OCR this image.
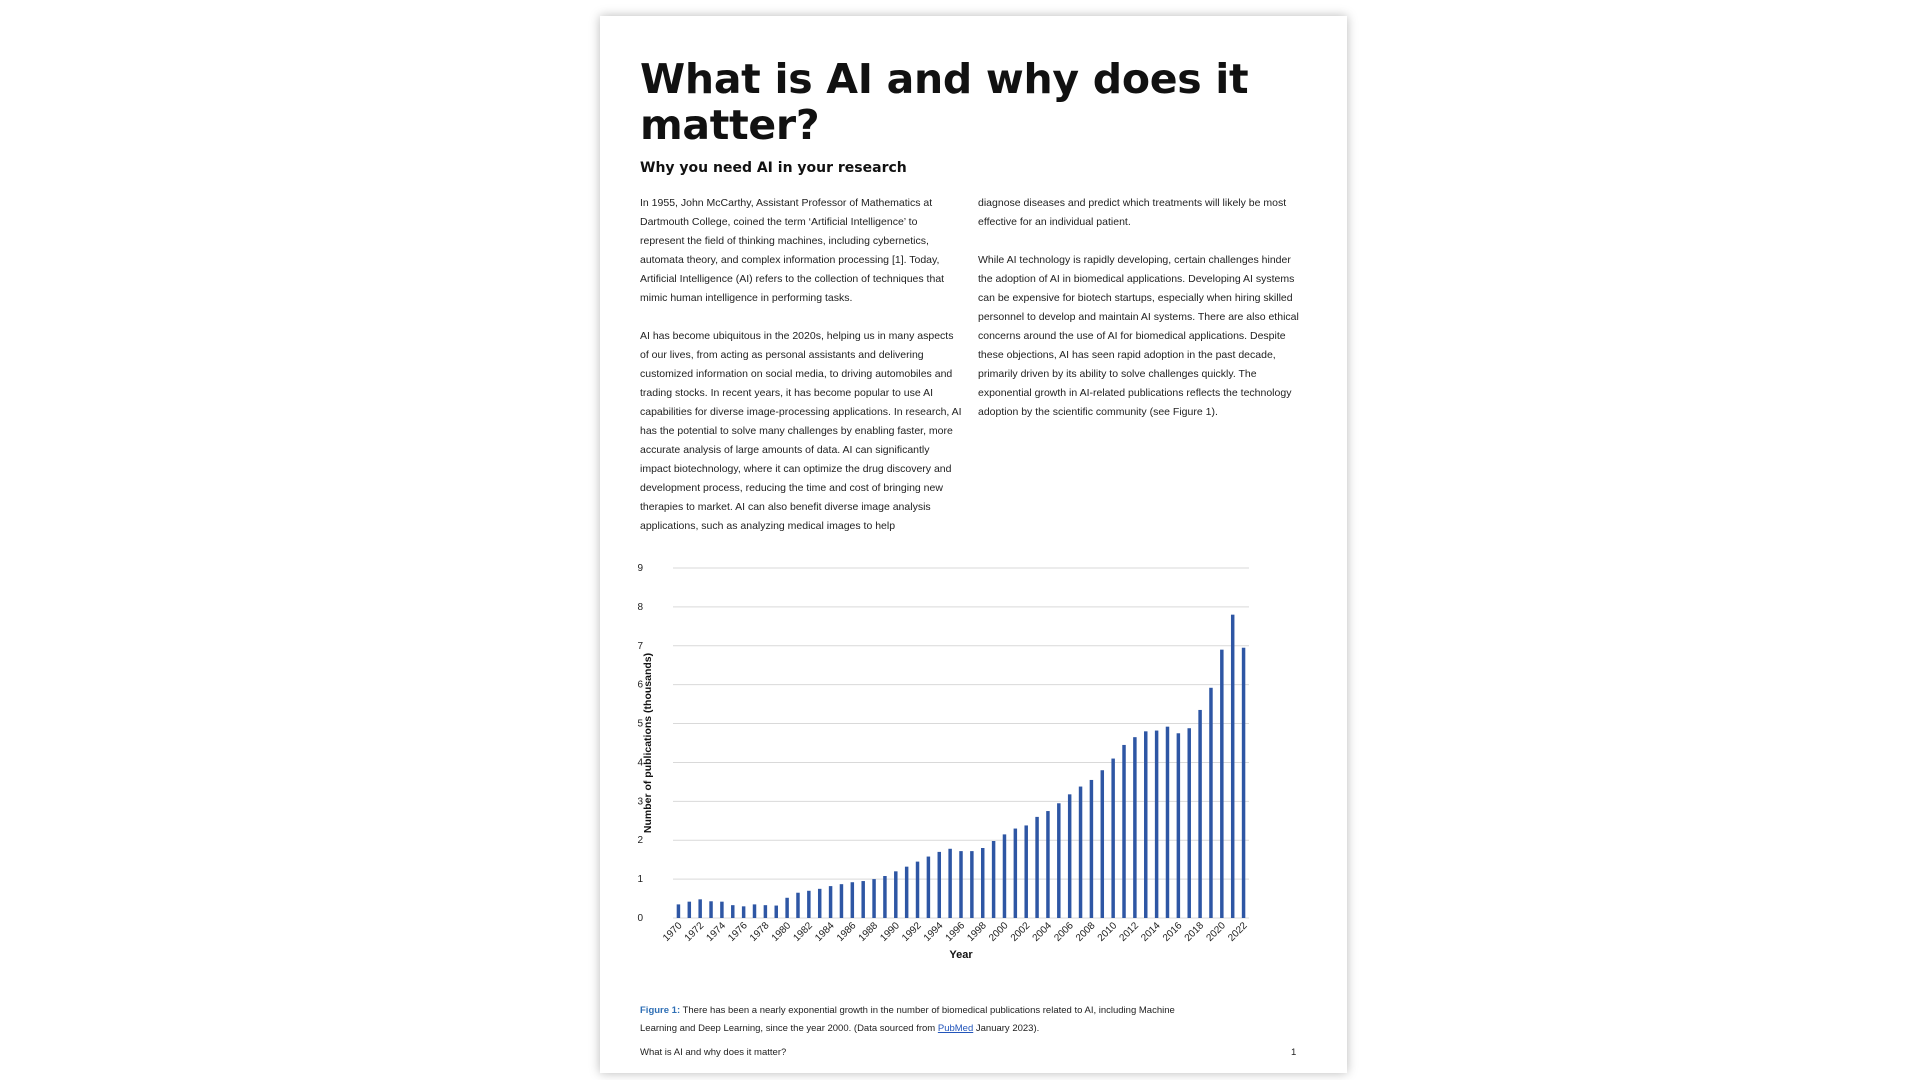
What is AI and why does it matter?
Why you need AI in your research

In 1955, John McCarthy, Assistant Professor of Mathematics at Dartmouth College, coined the term ‘Artificial Intelligence’ to represent the field of thinking machines, including cybernetics, automata theory, and complex information processing [1]. Today, Artificial Intelligence (AI) refers to the collection of techniques that mimic human intelligence in performing tasks.

AI has become ubiquitous in the 2020s, helping us in many aspects of our lives, from acting as personal assistants and delivering customized information on social media, to driving automobiles and trading stocks. In recent years, it has become popular to use AI capabilities for diverse image-processing applications. In research, AI has the potential to solve many challenges by enabling faster, more accurate analysis of large amounts of data. AI can significantly impact biotechnology, where it can optimize the drug discovery and development process, reducing the time and cost of bringing new therapies to market. AI can also benefit diverse image analysis applications, such as analyzing medical images to help

diagnose diseases and predict which treatments will likely be most effective for an individual patient.

While AI technology is rapidly developing, certain challenges hinder the adoption of AI in biomedical applications. Developing AI systems can be expensive for biotech startups, especially when hiring skilled personnel to develop and maintain AI systems. There are also ethical concerns around the use of AI for biomedical applications. Despite these objections, AI has seen rapid adoption in the past decade, primarily driven by its ability to solve challenges quickly. The exponential growth in AI-related publications reflects the technology adoption by the scientific community (see Figure 1).

0
1
2
3
4
5
6
7
8
9
1970
1972
1974
1976
1978
1980
1982
1984
1986
1988
1990
1992
1994
1996
1998
2000
2002
2004
2006
2008
2010
2012
2014
2016
2018
2020
2022
Year
Number of publications (thousands)
Figure 1: There has been a nearly exponential growth in the number of biomedical publications related to AI, including Machine Learning and Deep Learning, since the year 2000. (Data sourced from PubMed January 2023).
What is AI and why does it matter?	1
